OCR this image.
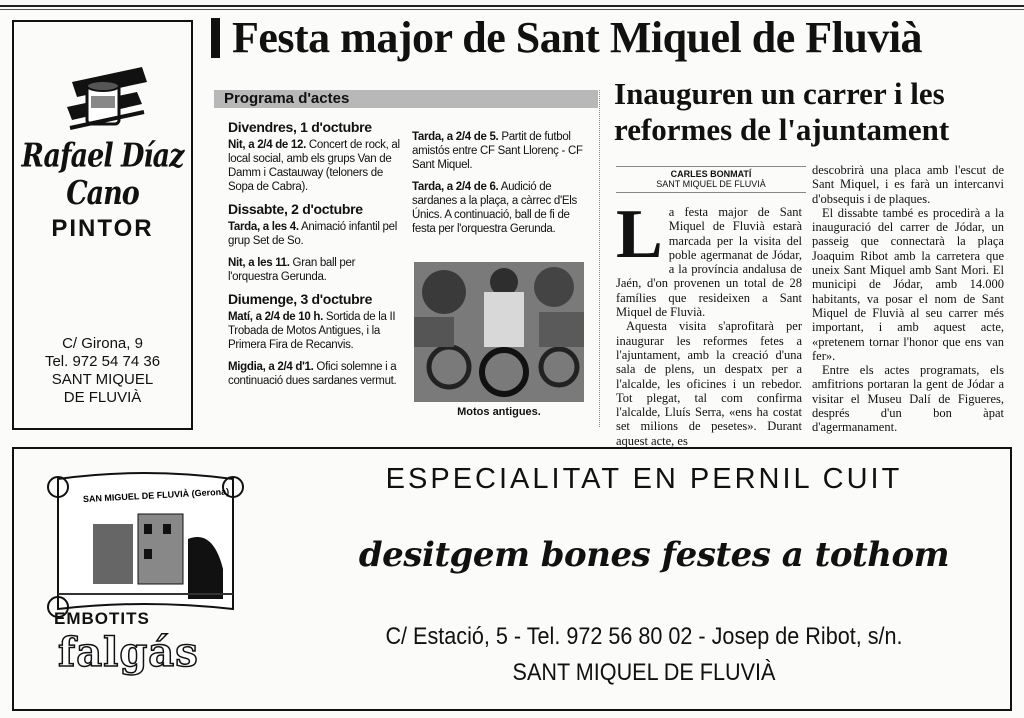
Rafael Díaz Cano
PINTOR
C/ Girona, 9
Tel. 972 54 74 36
SANT MIQUEL
DE FLUVIÀ
Festa major de Sant Miquel de Fluvià
Programa d'actes
Divendres, 1 d'octubre

Nit, a 2/4 de 12. Concert de rock, al local social, amb els grups Van de Damm i Castauway (teloners de Sopa de Cabra).

Dissabte, 2 d'octubre

Tarda, a les 4. Animació infantil pel grup Set de So.

Nit, a les 11. Gran ball per l'orquestra Gerunda.

Diumenge, 3 d'octubre

Matí, a 2/4 de 10 h. Sortida de la II Trobada de Motos Antigues, i la Primera Fira de Recanvis.

Migdia, a 2/4 d'1. Ofici solemne i a continuació dues sardanes vermut.

Tarda, a 2/4 de 5. Partit de futbol amistós entre CF Sant Llorenç - CF Sant Miquel.

Tarda, a 2/4 de 6. Audició de sardanes a la plaça, a càrrec d'Els Únics. A continuació, ball de fi de festa per l'orquestra Gerunda.

Motos antigues.
Inauguren un carrer i les reformes de l'ajuntament
CARLES BONMATÍ
SANT MIQUEL DE FLUVIÀ
L a festa major de Sant Miquel de Fluvià estarà marcada per la visita del poble agermanat de Jódar, a la província andalusa de Jaén, d'on provenen un total de 28 famílies que resideixen a Sant Miquel de Fluvià.

Aquesta visita s'aprofitarà per inaugurar les reformes fetes a l'ajuntament, amb la creació d'una sala de plens, un despatx per a l'alcalde, les oficines i un rebedor. Tot plegat, tal com confirma l'alcalde, Lluís Serra, «ens ha costat set milions de pesetes». Durant aquest acte, es

descobrirà una placa amb l'escut de Sant Miquel, i es farà un intercanvi d'obsequis i de plaques.

El dissabte també es procedirà a la inauguració del carrer de Jódar, un passeig que connectarà la plaça Joaquim Ribot amb la carretera que uneix Sant Miquel amb Sant Mori. El municipi de Jódar, amb 14.000 habitants, va posar el nom de Sant Miquel de Fluvià al seu carrer més important, i amb aquest acte, «pretenem tornar l'honor que ens van fer».

Entre els actes programats, els amfitrions portaran la gent de Jódar a visitar el Museu Dalí de Figueres, després d'un bon àpat d'agermanament.

SAN MIGUEL DE FLUVIÀ (Gerona)
EMBOTITS
falgás
ESPECIALITAT EN PERNIL CUIT
desitgem bones festes a tothom
C/ Estació, 5 - Tel. 972 56 80 02 - Josep de Ribot, s/n.
SANT MIQUEL DE FLUVIÀ
